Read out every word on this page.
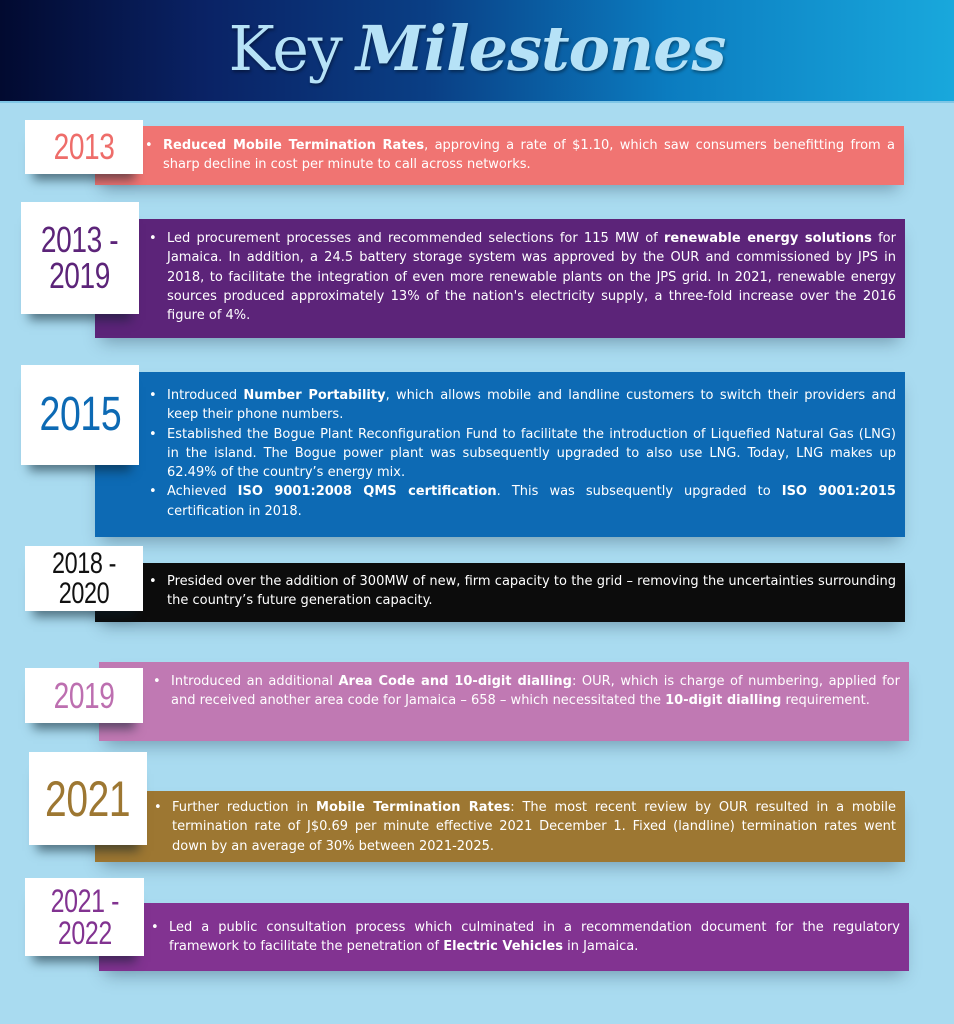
Key Milestones
• Reduced Mobile Termination Rates, approving a rate of $1.10, which saw consumers benefitting from a sharp decline in cost per minute to call across networks.
2013
• Led procurement processes and recommended selections for 115 MW of renewable energy solutions for Jamaica. In addition, a 24.5 battery storage system was approved by the OUR and commissioned by JPS in 2018, to facilitate the integration of even more renewable plants on the JPS grid. In 2021, renewable energy sources produced approximately 13% of the nation's electricity supply, a three-fold increase over the 2016 figure of 4%.
2013 -
2019
• Introduced Number Portability, which allows mobile and landline customers to switch their providers and keep their phone numbers.
• Established the Bogue Plant Reconfiguration Fund to facilitate the introduction of Liquefied Natural Gas (LNG) in the island. The Bogue power plant was subsequently upgraded to also use LNG. Today, LNG makes up 62.49% of the country’s energy mix.
• Achieved ISO 9001:2008 QMS certification. This was subsequently upgraded to ISO 9001:2015 certification in 2018.
2015
• Presided over the addition of 300MW of new, firm capacity to the grid – removing the uncertainties surrounding the country’s future generation capacity.
2018 -
2020
• Introduced an additional Area Code and 10-digit dialling: OUR, which is charge of numbering, applied for and received another area code for Jamaica – 658 – which necessitated the 10-digit dialling requirement.
2019
• Further reduction in Mobile Termination Rates: The most recent review by OUR resulted in a mobile termination rate of J$0.69 per minute effective 2021 December 1. Fixed (landline) termination rates went down by an average of 30% between 2021-2025.
2021
• Led a public consultation process which culminated in a recommendation document for the regulatory framework to facilitate the penetration of Electric Vehicles in Jamaica.
2021 -
2022
